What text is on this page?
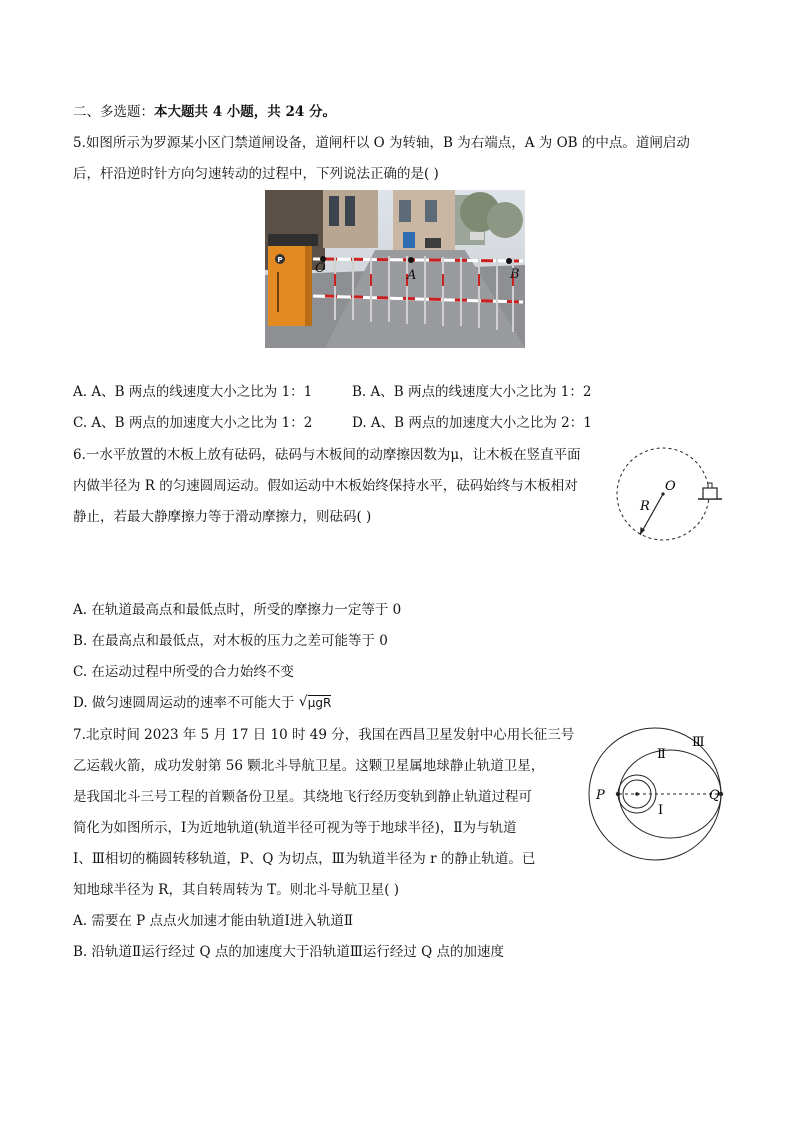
二、多选题：本大题共 4 小题，共 24 分。
5.如图所示为罗源某小区门禁道闸设备，道闸杆以 O 为转轴，B 为右端点，A 为 OB 的中点。道闸启动
后，杆沿逆时针方向匀速转动的过程中，下列说法正确的是( )
P
O	A	B
A. A、B 两点的线速度大小之比为 1：1	B. A、B 两点的线速度大小之比为 1：2
C. A、B 两点的加速度大小之比为 1：2	D. A、B 两点的加速度大小之比为 2：1
6.一水平放置的木板上放有砝码，砝码与木板间的动摩擦因数为μ，让木板在竖直平面
内做半径为 R 的匀速圆周运动。假如运动中木板始终保持水平，砝码始终与木板相对
静止，若最大静摩擦力等于滑动摩擦力，则砝码( )
O
R
A. 在轨道最高点和最低点时，所受的摩擦力一定等于 0
B. 在最高点和最低点，对木板的压力之差可能等于 0
C. 在运动过程中所受的合力始终不变
D. 做匀速圆周运动的速率不可能大于 √ μgR
7.北京时间 2023 年 5 月 17 日 10 时 49 分，我国在西昌卫星发射中心用长征三号
乙运载火箭，成功发射第 56 颗北斗导航卫星。这颗卫星属地球静止轨道卫星，
是我国北斗三号工程的首颗备份卫星。其绕地飞行经历变轨到静止轨道过程可
简化为如图所示，Ⅰ为近地轨道(轨道半径可视为等于地球半径)，Ⅱ为与轨道
Ⅰ、Ⅲ相切的椭圆转移轨道，P、Q 为切点，Ⅲ为轨道半径为 r 的静止轨道。已
知地球半径为 R，其自转周转为 T。则北斗导航卫星( )
P	Q
Ⅰ
Ⅱ
Ⅲ
A. 需要在 P 点点火加速才能由轨道Ⅰ进入轨道Ⅱ
B. 沿轨道Ⅱ运行经过 Q 点的加速度大于沿轨道Ⅲ运行经过 Q 点的加速度
